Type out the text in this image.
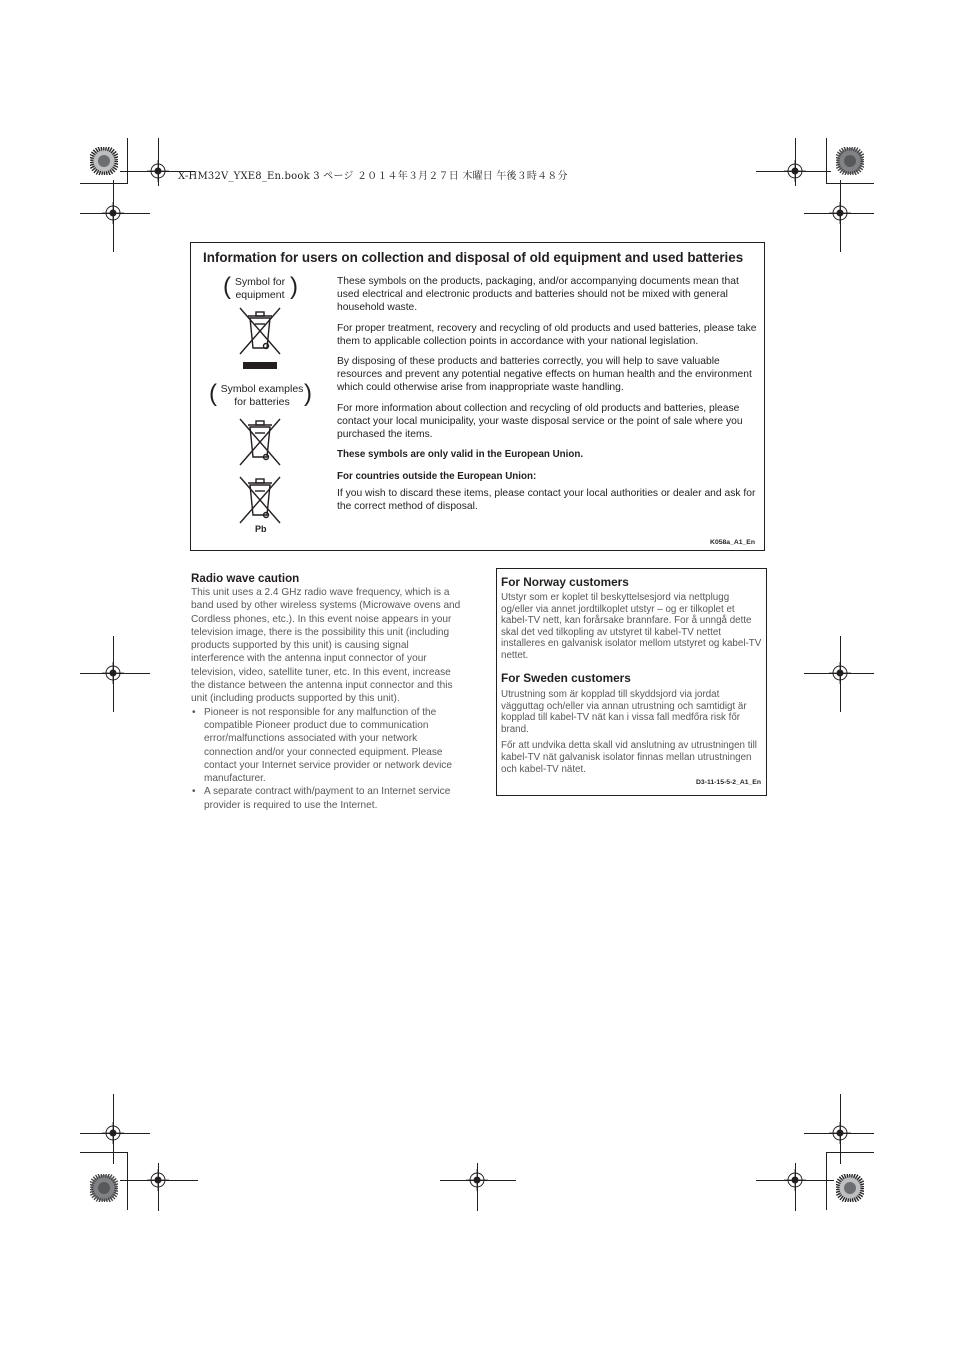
X-HM32V_YXE8_En.book 3 ページ ２０１４年３月２７日 木曜日 午後３時４８分
Information for users on collection and disposal of old equipment and used batteries
( Symbol for
equipment )
( Symbol examples
for batteries )
Pb

These symbols on the products, packaging, and/or accompanying documents mean that used electrical and electronic products and batteries should not be mixed with general household waste.

For proper treatment, recovery and recycling of old products and used batteries, please take them to applicable collection points in accordance with your national legislation.

By disposing of these products and batteries correctly, you will help to save valuable resources and prevent any potential negative effects on human health and the environment which could otherwise arise from inappropriate waste handling.

For more information about collection and recycling of old products and batteries, please contact your local municipality, your waste disposal service or the point of sale where you purchased the items.

These symbols are only valid in the European Union.

For countries outside the European Union:

If you wish to discard these items, please contact your local authorities or dealer and ask for the correct method of disposal.

K058a_A1_En
Radio wave caution

This unit uses a 2.4 GHz radio wave frequency, which is a band used by other wireless systems (Microwave ovens and Cordless phones, etc.). In this event noise appears in your television image, there is the possibility this unit (including products supported by this unit) is causing signal interference with the antenna input connector of your television, video, satellite tuner, etc. In this event, increase the distance between the antenna input connector and this unit (including products supported by this unit).

• Pioneer is not responsible for any malfunction of the compatible Pioneer product due to communication error/malfunctions associated with your network connection and/or your connected equipment. Please contact your Internet service provider or network device manufacturer.
• A separate contract with/payment to an Internet service provider is required to use the Internet.
For Norway customers

Utstyr som er koplet til beskyttelsesjord via nettplugg og/eller via annet jordtilkoplet utstyr – og er tilkoplet et kabel-TV nett, kan forårsake brannfare. For å unngå dette skal det ved tilkopling av utstyret til kabel-TV nettet installeres en galvanisk isolator mellom utstyret og kabel-TV nettet.

For Sweden customers

Utrustning som är kopplad till skyddsjord via jordat vägguttag och/eller via annan utrustning och samtidigt är kopplad till kabel-TV nät kan i vissa fall medfőra risk főr brand.

Főr att undvika detta skall vid anslutning av utrustningen till kabel-TV nät galvanisk isolator finnas mellan utrustningen och kabel-TV nätet.

D3-11-15-5-2_A1_En
